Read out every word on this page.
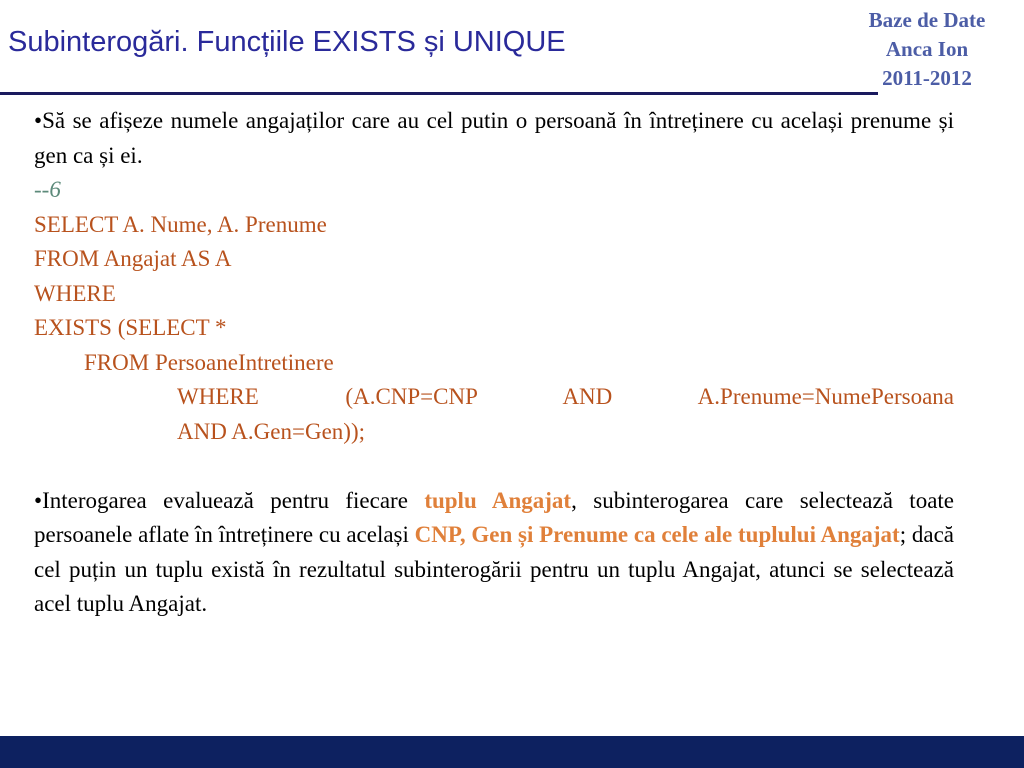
Subinterogări. Funcțiile EXISTS și UNIQUE
Baze de Date
Anca Ion
2011-2012

•Să se afișeze numele angajaților care au cel putin o persoană în întreținere cu același prenume și gen ca și ei.

--6
SELECT A. Nume, A. Prenume
FROM Angajat AS A
WHERE
EXISTS (SELECT *
FROM PersoaneIntretinere
WHERE (A.CNP=CNP AND A.Prenume=NumePersoana
AND A.Gen=Gen));

•Interogarea evaluează pentru fiecare tuplu Angajat, subinterogarea care selectează toate persoanele aflate în întreținere cu același CNP, Gen și Prenume ca cele ale tuplului Angajat; dacă cel puțin un tuplu există în rezultatul subinterogării pentru un tuplu Angajat, atunci se selectează acel tuplu Angajat.
